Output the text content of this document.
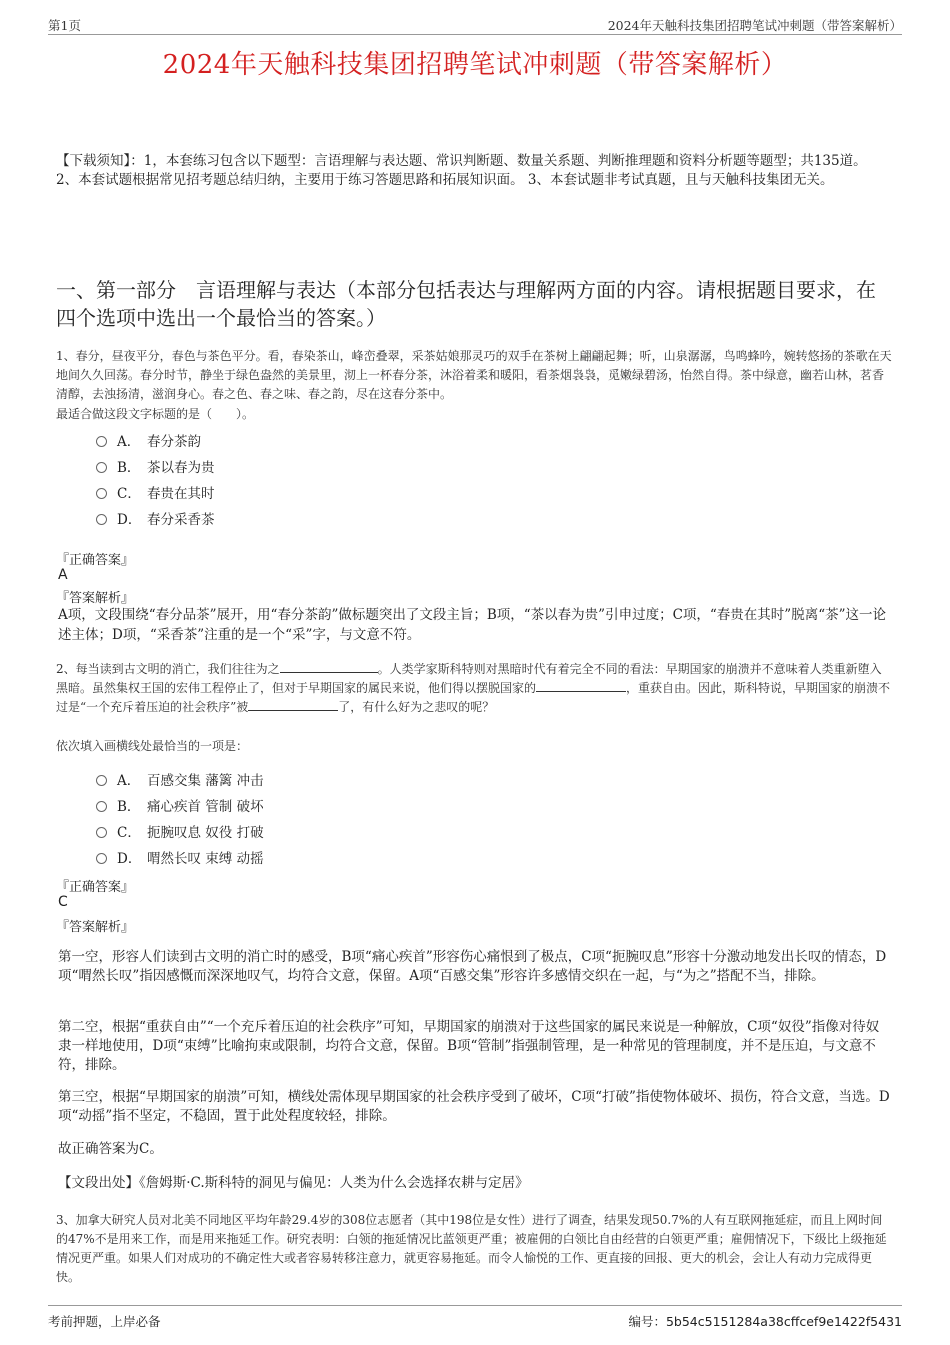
第1页	2024年天触科技集团招聘笔试冲刺题（带答案解析）
2024年天触科技集团招聘笔试冲刺题（带答案解析）
【下载须知】：1，本套练习包含以下题型：言语理解与表达题、常识判断题、数量关系题、判断推理题和资料分析题等题型；共135道。 2、本套试题根据常见招考题总结归纳，主要用于练习答题思路和拓展知识面。 3、本套试题非考试真题，且与天触科技集团无关。
一、第一部分　言语理解与表达（本部分包括表达与理解两方面的内容。请根据题目要求，在四个选项中选出一个最恰当的答案。）
1、春分，昼夜平分，春色与茶色平分。看，春染茶山，峰峦叠翠，采茶姑娘那灵巧的双手在茶树上翩翩起舞；听，山泉潺潺，鸟鸣蜂吟，婉转悠扬的茶歌在天地间久久回荡。春分时节，静坐于绿色盎然的美景里，沏上一杯春分茶，沐浴着柔和暖阳，看茶烟袅袅，觅嫩绿碧汤，怡然自得。茶中绿意，幽若山林，茗香清醇，去浊扬清，滋润身心。春之色、春之味、春之韵，尽在这春分茶中。
最适合做这段文字标题的是（　　）。
A． 春分茶韵
B． 茶以春为贵
C． 春贵在其时
D． 春分采香茶
『正确答案』
A
『答案解析』
A项，文段围绕“春分品茶”展开，用“春分茶韵”做标题突出了文段主旨；B项，“茶以春为贵”引申过度；C项，“春贵在其时”脱离“茶”这一论述主体；D项，“采香茶”注重的是一个“采”字，与文意不符。
2、每当读到古文明的消亡，我们往往为之	。人类学家斯科特则对黑暗时代有着完全不同的看法：早期国家的崩溃并不意味着人类重新堕入黑暗。虽然集权王国的宏伟工程停止了，但对于早期国家的属民来说，他们得以摆脱国家的	，重获自由。因此，斯科特说，早期国家的崩溃不过是“一个充斥着压迫的社会秩序”被	了，有什么好为之悲叹的呢？
依次填入画横线处最恰当的一项是：
A． 百感交集 藩篱 冲击
B． 痛心疾首 管制 破坏
C． 扼腕叹息 奴役 打破
D． 喟然长叹 束缚 动摇
『正确答案』
C
『答案解析』
第一空，形容人们读到古文明的消亡时的感受，B项“痛心疾首”形容伤心痛恨到了极点，C项“扼腕叹息”形容十分激动地发出长叹的情态，D项“喟然长叹”指因感慨而深深地叹气，均符合文意，保留。A项“百感交集”形容许多感情交织在一起，与“为之”搭配不当，排除。
第二空，根据“重获自由”“一个充斥着压迫的社会秩序”可知，早期国家的崩溃对于这些国家的属民来说是一种解放，C项“奴役”指像对待奴隶一样地使用，D项“束缚”比喻拘束或限制，均符合文意，保留。B项“管制”指强制管理，是一种常见的管理制度，并不是压迫，与文意不符，排除。
第三空，根据“早期国家的崩溃”可知，横线处需体现早期国家的社会秩序受到了破坏，C项“打破”指使物体破坏、损伤，符合文意，当选。D项“动摇”指不坚定，不稳固，置于此处程度较轻，排除。
故正确答案为C。
【文段出处】《詹姆斯·C.斯科特的洞见与偏见：人类为什么会选择农耕与定居》
3、加拿大研究人员对北美不同地区平均年龄29.4岁的308位志愿者（其中198位是女性）进行了调查，结果发现50.7%的人有互联网拖延症，而且上网时间的47%不是用来工作，而是用来拖延工作。研究表明：白领的拖延情况比蓝领更严重；被雇佣的白领比自由经营的白领更严重；雇佣情况下，下级比上级拖延情况更严重。如果人们对成功的不确定性大或者容易转移注意力，就更容易拖延。而令人愉悦的工作、更直接的回报、更大的机会，会让人有动力完成得更快。
考前押题，上岸必备	编号：5b54c5151284a38cffcef9e1422f5431
